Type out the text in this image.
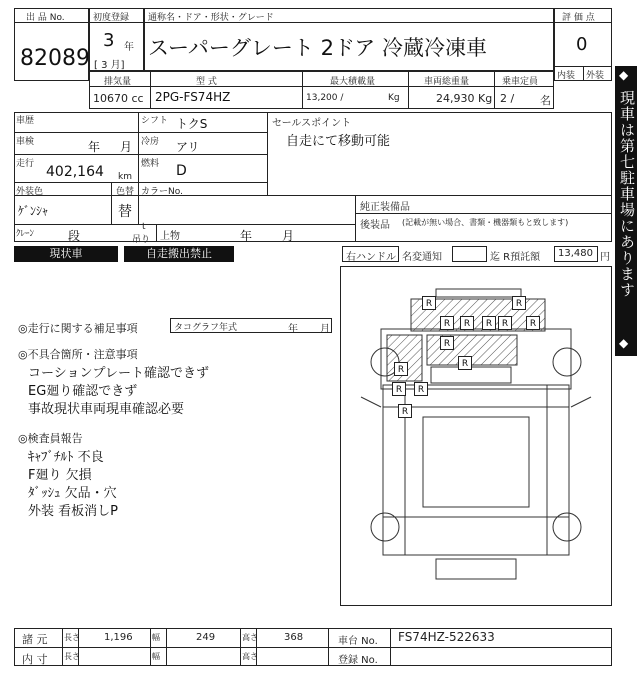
出 品 No.
82089
初度登録
3 年
[ 3 月]
通称名・ドア・形状・グレード
スーパーグレート 2ドア 冷蔵冷凍車
評 価 点
0
内装 外装
排気量
10670 cc
型 式
2PG-FS74HZ
最大積載量
13,200 /	Kg
車両総重量
24,930 Kg
乗車定員
2 / 名
車歴	シフト トクS
車検	年 月 冷房 アリ
走行 402,164 km
燃料 D
外装色
ｹﾞﾝｼｬ
色替
替
カラーNo.
ｸﾚｰﾝ	段
t
吊り 上物	年 月
セールスポイント
自走にて移動可能
純正装備品
後装品 (記載が無い場合、書類・機器類もと致します)
現状車	自走搬出禁止	右ハンドル 名変通知	迄 R預託額 13,480 円
◆
現車は第七駐車場にあります
◆
◎走行に関する補足事項	タコグラフ年式	年 月
◎不具合箇所・注意事項
コーションプレート確認できず
EG廻り確認できず
事故現状車両現車確認必要
◎検査員報告
ｷｬﾌﾞﾁﾙﾄ 不良
F廻り 欠損
ﾀﾞｯｼｭ 欠品・穴
外装 看板消しP
R	R
R	R	R	R	R
R
R
R
R	R
R
諸 元 長さ 1,196 幅	249	高さ	368	車台 No. FS74HZ-522633
内 寸 長さ	幅	高さ	登録 No.
